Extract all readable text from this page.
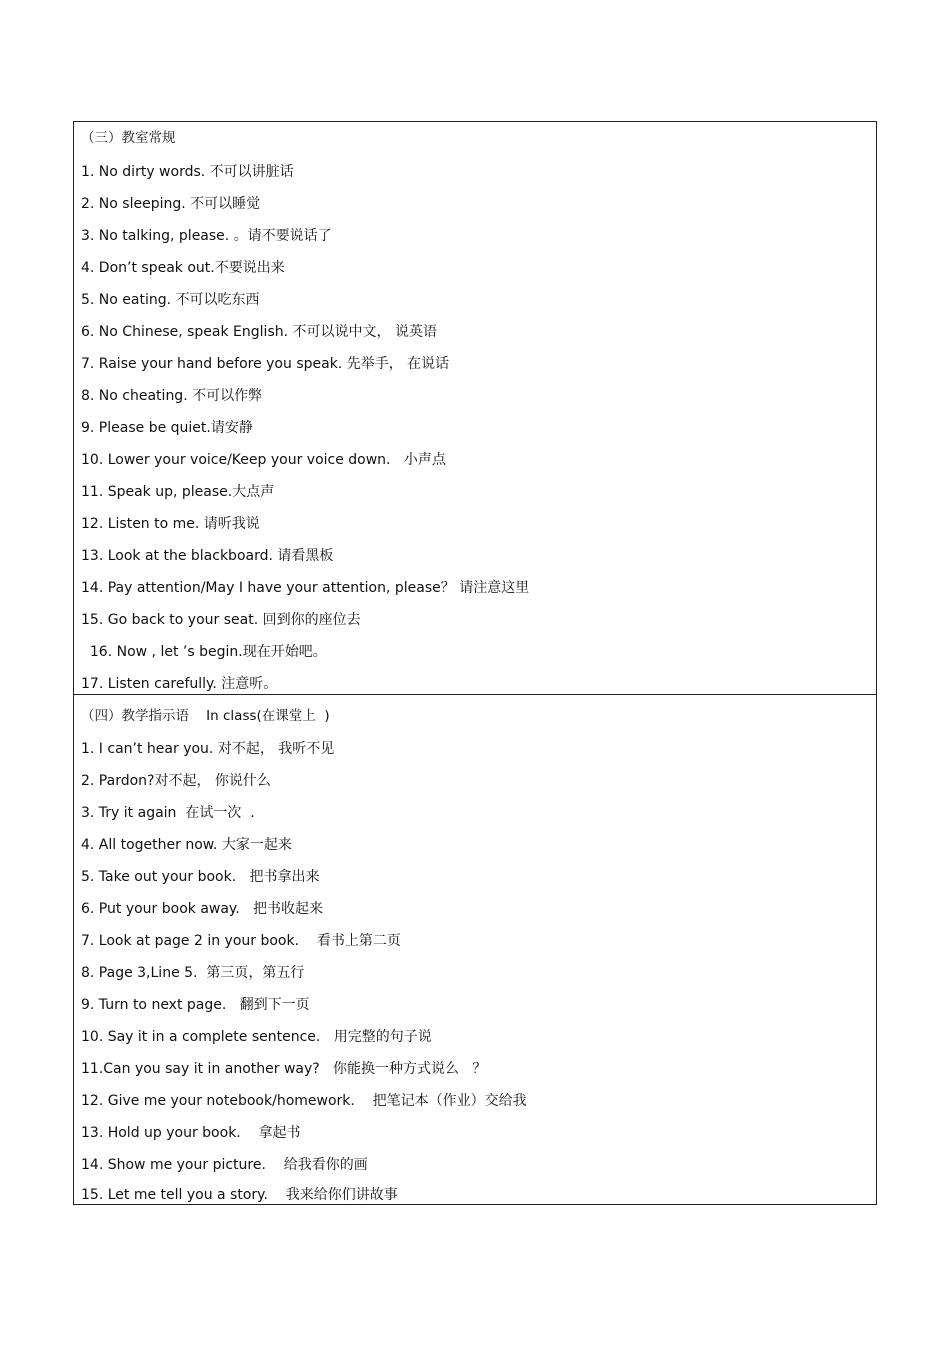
（三）教室常规
1. No dirty words. 不可以讲脏话
2. No sleeping. 不可以睡觉
3. No talking, please. 。请不要说话了
4. Don’t speak out.不要说出来
5. No eating. 不可以吃东西
6. No Chinese, speak English. 不可以说中文， 说英语
7. Raise your hand before you speak. 先举手， 在说话
8. No cheating. 不可以作弊
9. Please be quiet.请安静
10. Lower your voice/Keep your voice down.   小声点
11. Speak up, please.大点声
12. Listen to me. 请听我说
13. Look at the blackboard. 请看黑板
14. Pay attention/May I have your attention, please？ 请注意这里
15. Go back to your seat. 回到你的座位去
16. Now , let ’s begin.现在开始吧。
17. Listen carefully. 注意听。
（四）教学指示语    In class(在课堂上  )
1. I can’t hear you. 对不起， 我听不见
2. Pardon?对不起， 你说什么
3. Try it again  在试一次  .
4. All together now. 大家一起来
5. Take out your book.   把书拿出来
6. Put your book away.   把书收起来
7. Look at page 2 in your book.    看书上第二页
8. Page 3,Line 5.  第三页，第五行
9. Turn to next page.   翻到下一页
10. Say it in a complete sentence.   用完整的句子说
11.Can you say it in another way?   你能换一种方式说么   ？
12. Give me your notebook/homework.    把笔记本（作业）交给我
13. Hold up your book.    拿起书
14. Show me your picture.    给我看你的画
15. Let me tell you a story.    我来给你们讲故事
